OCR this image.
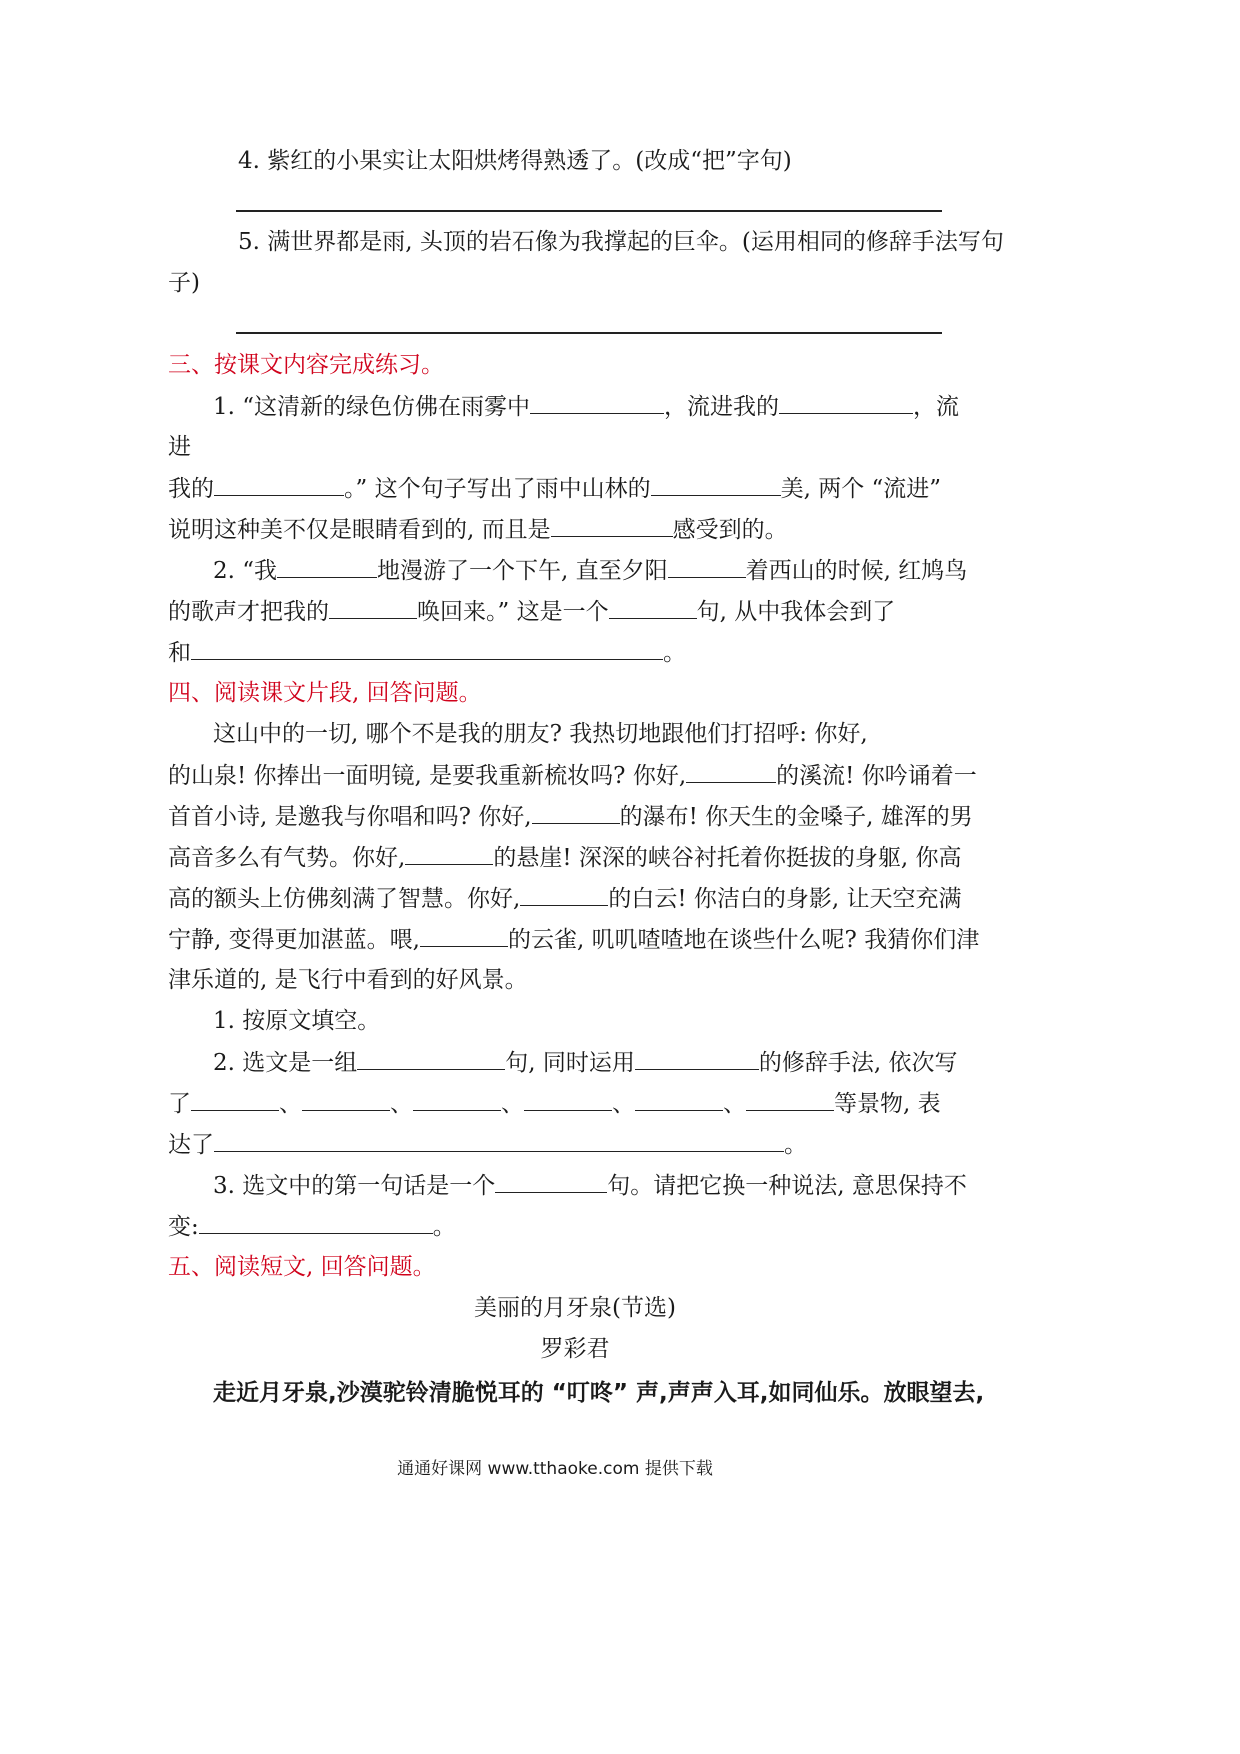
4. 紫红的小果实让太阳烘烤得熟透了。(改成“把”字句)
5. 满世界都是雨, 头顶的岩石像为我撑起的巨伞。(运用相同的修辞手法写句
子)
三、按课文内容完成练习。
1. “这清新的绿色仿佛在雨雾中	，流进我的	，流
进
我的	。” 这个句子写出了雨中山林的	美, 两个 “流进”
说明这种美不仅是眼睛看到的, 而且是	感受到的。
2. “我	地漫游了一个下午, 直至夕阳	着西山的时候, 红鸠鸟
的歌声才把我的	唤回来。” 这是一个	句, 从中我体会到了
和	。
四、阅读课文片段, 回答问题。
这山中的一切, 哪个不是我的朋友? 我热切地跟他们打招呼: 你好,
的山泉! 你捧出一面明镜, 是要我重新梳妆吗? 你好,	的溪流! 你吟诵着一
首首小诗, 是邀我与你唱和吗? 你好,	的瀑布! 你天生的金嗓子, 雄浑的男
高音多么有气势。你好,	的悬崖! 深深的峡谷衬托着你挺拔的身躯, 你高
高的额头上仿佛刻满了智慧。你好,	的白云! 你洁白的身影, 让天空充满
宁静, 变得更加湛蓝。喂,	的云雀, 叽叽喳喳地在谈些什么呢? 我猜你们津
津乐道的, 是飞行中看到的好风景。
1. 按原文填空。
2. 选文是一组	句, 同时运用	的修辞手法, 依次写
了	、	、	、	、	、	等景物, 表
达了	。
3. 选文中的第一句话是一个	句。请把它换一种说法, 意思保持不
变:	。
五、阅读短文, 回答问题。
美丽的月牙泉(节选)
罗彩君
走近月牙泉,沙漠驼铃清脆悦耳的 “叮咚” 声,声声入耳,如同仙乐。放眼望去,
通通好课网 www.tthaoke.com 提供下载
